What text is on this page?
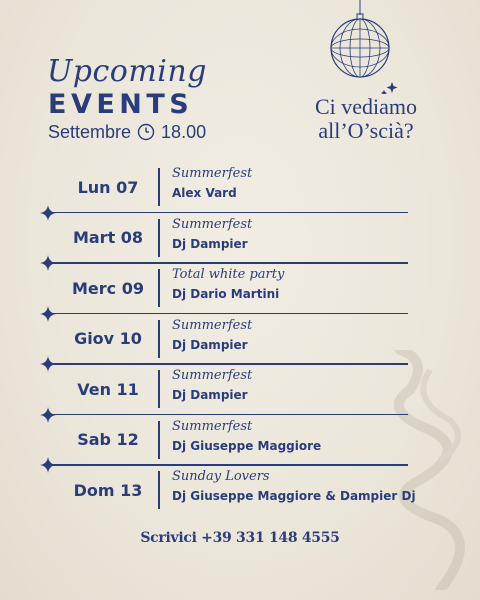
Upcoming
EVENTS
Settembre 18.00
Ci vediamo
all’O’scià?
Lun 07
Summerfest
Alex Vard
Mart 08
Summerfest
Dj Dampier
Merc 09
Total white party
Dj Dario Martini
Giov 10
Summerfest
Dj Dampier
Ven 11
Summerfest
Dj Dampier
Sab 12
Summerfest
Dj Giuseppe Maggiore
Dom 13
Sunday Lovers
Dj Giuseppe Maggiore & Dampier Dj
Scrivici +39 331 148 4555
